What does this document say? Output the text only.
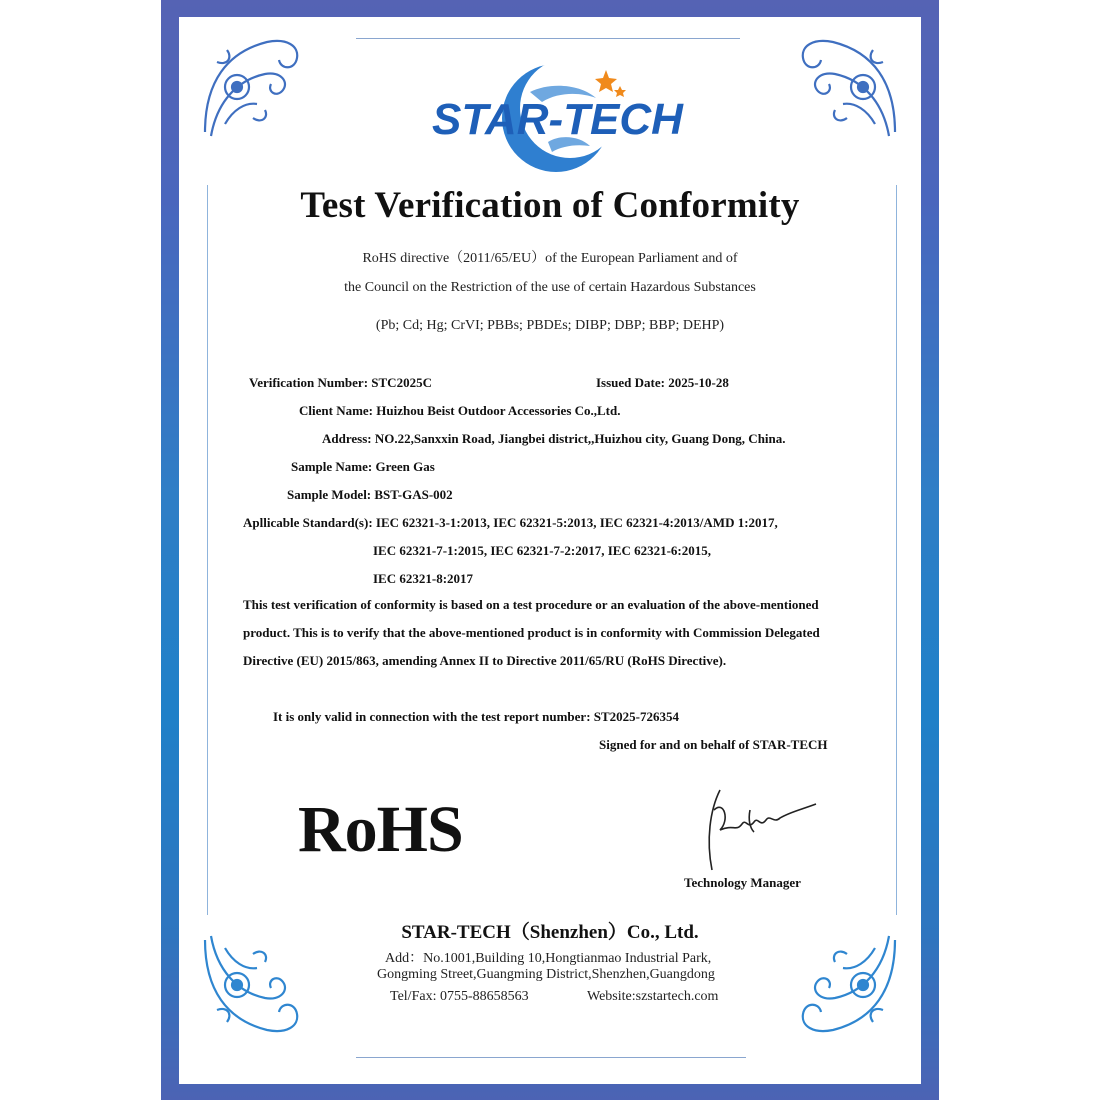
STAR-TECH
Test Verification of Conformity
RoHS directive（2011/65/EU）of the European Parliament and of
the Council on the Restriction of the use of certain Hazardous Substances
(Pb; Cd; Hg; CrVI; PBBs; PBDEs; DIBP; DBP; BBP; DEHP)
Verification Number: STC2025C	Issued Date: 2025-10-28
Client Name: Huizhou Beist Outdoor Accessories Co.,Ltd.
Address: NO.22,Sanxxin Road, Jiangbei district,,Huizhou city, Guang Dong, China.
Sample Name: Green Gas
Sample Model: BST-GAS-002
Apllicable Standard(s): IEC 62321-3-1:2013, IEC 62321-5:2013, IEC 62321-4:2013/AMD 1:2017,
IEC 62321-7-1:2015, IEC 62321-7-2:2017, IEC 62321-6:2015,
IEC 62321-8:2017
This test verification of conformity is based on a test procedure or an evaluation of the above-mentioned product. This is to verify that the above-mentioned product is in conformity with Commission Delegated Directive (EU) 2015/863, amending Annex II to Directive 2011/65/RU (RoHS Directive).
It is only valid in connection with the test report number: ST2025-726354
Signed for and on behalf of STAR-TECH
RoHS
Technology Manager
STAR-TECH（Shenzhen）Co., Ltd.
Add：No.1001,Building 10,Hongtianmao Industrial Park,
Gongming Street,Guangming District,Shenzhen,Guangdong
Tel/Fax: 0755-88658563	Website:szstartech.com
